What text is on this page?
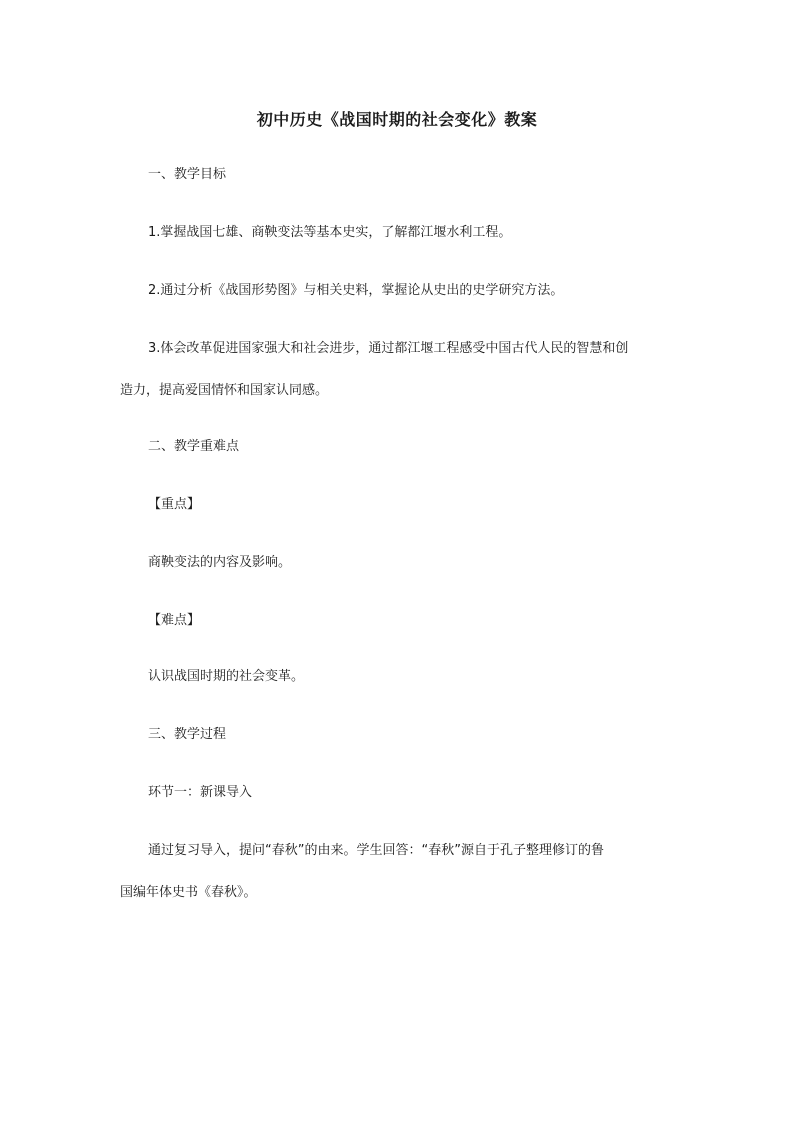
初中历史《战国时期的社会变化》教案
一、教学目标
1.掌握战国七雄、商鞅变法等基本史实，了解都江堰水利工程。
2.通过分析《战国形势图》与相关史料，掌握论从史出的史学研究方法。
3.体会改革促进国家强大和社会进步，通过都江堰工程感受中国古代人民的智慧和创
造力，提高爱国情怀和国家认同感。
二、教学重难点
【重点】
商鞅变法的内容及影响。
【难点】
认识战国时期的社会变革。
三、教学过程
环节一：新课导入
通过复习导入，提问“春秋”的由来。学生回答：“春秋”源自于孔子整理修订的鲁
国编年体史书《春秋》。
